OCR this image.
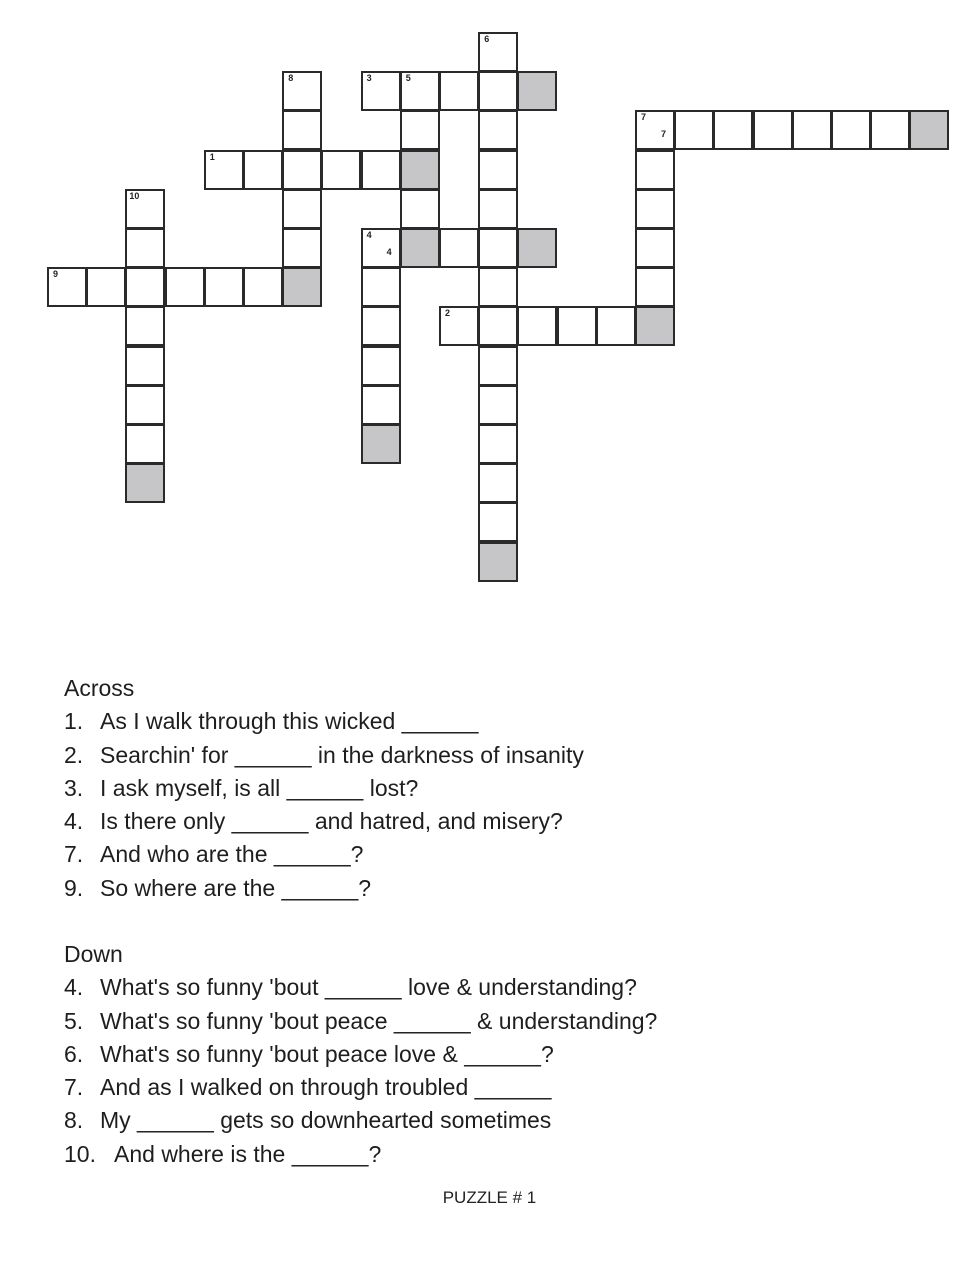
1
2
3
4
4
5
6
7
7
8
9
10
Across
1. As I walk through this wicked ______
2. Searchin' for ______ in the darkness of insanity
3. I ask myself, is all ______ lost?
4. Is there only ______ and hatred, and misery?
7. And who are the ______?
9. So where are the ______?
Down
4. What's so funny 'bout ______ love & understanding?
5. What's so funny 'bout peace ______ & understanding?
6. What's so funny 'bout peace love & ______?
7. And as I walked on through troubled ______
8. My ______ gets so downhearted sometimes
10. And where is the ______?
PUZZLE # 1
